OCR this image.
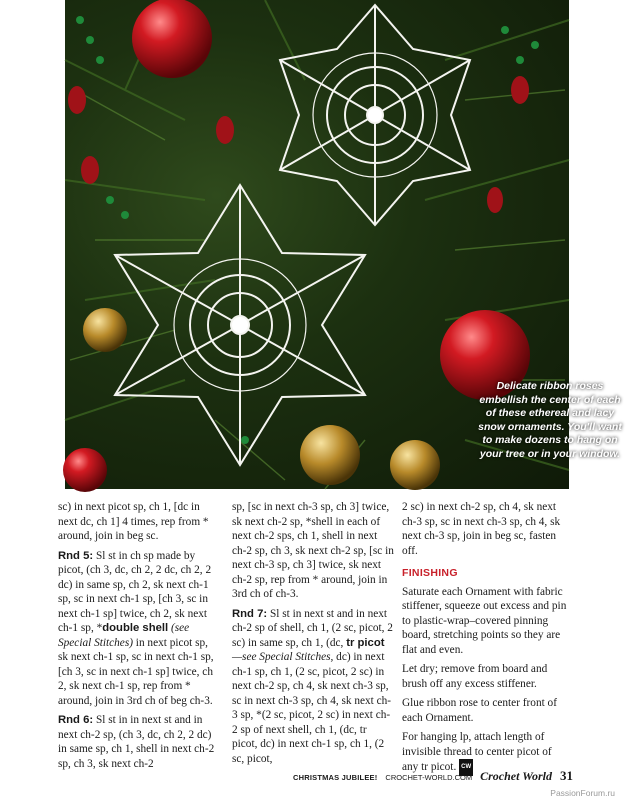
Delicate ribbon roses embellish the center of each of these ethereal and lacy snow ornaments. You'll want to make dozens to hang on your tree or in your window.

sc) in next picot sp, ch 1, [dc in next dc, ch 1] 4 times, rep from * around, join in beg sc.

Rnd 5: Sl st in ch sp made by picot, (ch 3, dc, ch 2, 2 dc, ch 2, 2 dc) in same sp, ch 2, sk next ch-1 sp, sc in next ch-1 sp, [ch 3, sc in next ch-1 sp] twice, ch 2, sk next ch-1 sp, *double shell (see Special Stitches) in next picot sp, sk next ch-1 sp, sc in next ch-1 sp, [ch 3, sc in next ch-1 sp] twice, ch 2, sk next ch-1 sp, rep from * around, join in 3rd ch of beg ch-3.

Rnd 6: Sl st in in next st and in next ch-2 sp, (ch 3, dc, ch 2, 2 dc) in same sp, ch 1, shell in next ch-2 sp, ch 3, sk next ch-2

sp, [sc in next ch-3 sp, ch 3] twice, sk next ch-2 sp, *shell in each of next ch-2 sps, ch 1, shell in next ch-2 sp, ch 3, sk next ch-2 sp, [sc in next ch-3 sp, ch 3] twice, sk next ch-2 sp, rep from * around, join in 3rd ch of ch-3.

Rnd 7: Sl st in next st and in next ch-2 sp of shell, ch 1, (2 sc, picot, 2 sc) in same sp, ch 1, (dc, tr picot—see Special Stitches, dc) in next ch-1 sp, ch 1, (2 sc, picot, 2 sc) in next ch-2 sp, ch 4, sk next ch-3 sp, sc in next ch-3 sp, ch 4, sk next ch-3 sp, *(2 sc, picot, 2 sc) in next ch-2 sp of next shell, ch 1, (dc, tr picot, dc) in next ch-1 sp, ch 1, (2 sc, picot,

2 sc) in next ch-2 sp, ch 4, sk next ch-3 sp, sc in next ch-3 sp, ch 4, sk next ch-3 sp, join in beg sc, fasten off.

FINISHING

Saturate each Ornament with fabric stiffener, squeeze out excess and pin to plastic-wrap–covered pinning board, stretching points so they are flat and even.

Let dry; remove from board and brush off any excess stiffener.

Glue ribbon rose to center front of each Ornament.

For hanging lp, attach length of invisible thread to center picot of any tr picot. CW

CHRISTMAS JUBILEE! CROCHET-WORLD.COM Crochet World 31
PassionForum.ru
